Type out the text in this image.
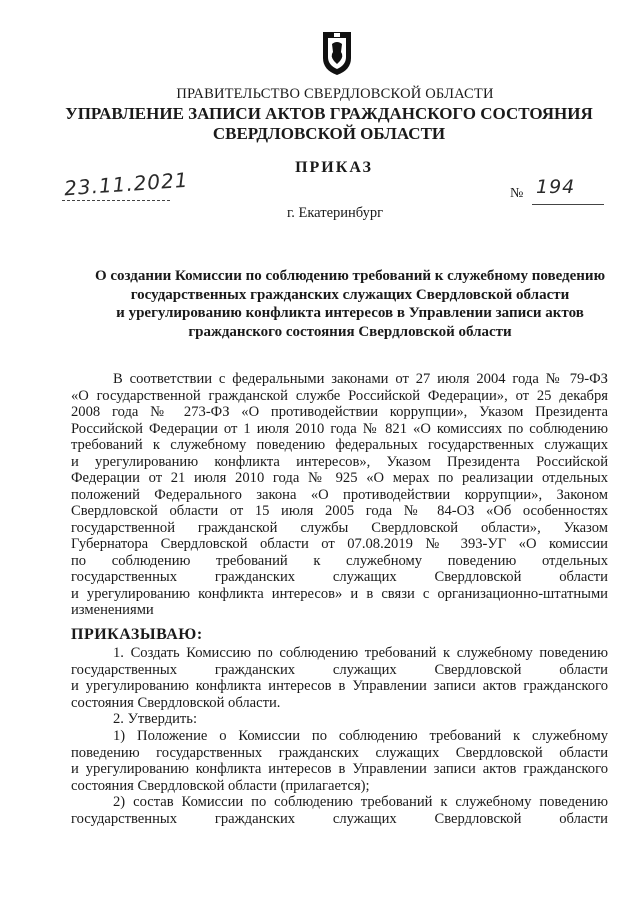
ПРАВИТЕЛЬСТВО СВЕРДЛОВСКОЙ ОБЛАСТИ
УПРАВЛЕНИЕ ЗАПИСИ АКТОВ ГРАЖДАНСКОГО СОСТОЯНИЯ
СВЕРДЛОВСКОЙ ОБЛАСТИ
ПРИКАЗ
23.11.2021	№ 194
г. Екатеринбург
О создании Комиссии по соблюдению требований к служебному поведению
государственных гражданских служащих Свердловской области
и урегулированию конфликта интересов в Управлении записи актов
гражданского состояния Свердловской области
В соответствии с федеральными законами от 27 июля 2004 года № 79-ФЗ
«О государственной гражданской службе Российской Федерации», от 25 декабря
2008 года № 273-ФЗ «О противодействии коррупции», Указом Президента
Российской Федерации от 1 июля 2010 года № 821 «О комиссиях по соблюдению
требований к служебному поведению федеральных государственных служащих
и урегулированию конфликта интересов», Указом Президента Российской
Федерации от 21 июля 2010 года № 925 «О мерах по реализации отдельных
положений Федерального закона «О противодействии коррупции», Законом
Свердловской области от 15 июля 2005 года № 84-ОЗ «Об особенностях
государственной гражданской службы Свердловской области», Указом
Губернатора Свердловской области от 07.08.2019 № 393-УГ «О комиссии
по соблюдению требований к служебному поведению отдельных
государственных гражданских служащих Свердловской области
и урегулированию конфликта интересов» и в связи с организационно-штатными
изменениями
ПРИКАЗЫВАЮ:
1. Создать Комиссию по соблюдению требований к служебному поведению
государственных гражданских служащих Свердловской области
и урегулированию конфликта интересов в Управлении записи актов гражданского
состояния Свердловской области.
2. Утвердить:
1) Положение о Комиссии по соблюдению требований к служебному
поведению государственных гражданских служащих Свердловской области
и урегулированию конфликта интересов в Управлении записи актов гражданского
состояния Свердловской области (прилагается);
2) состав Комиссии по соблюдению требований к служебному поведению
государственных гражданских служащих Свердловской области
